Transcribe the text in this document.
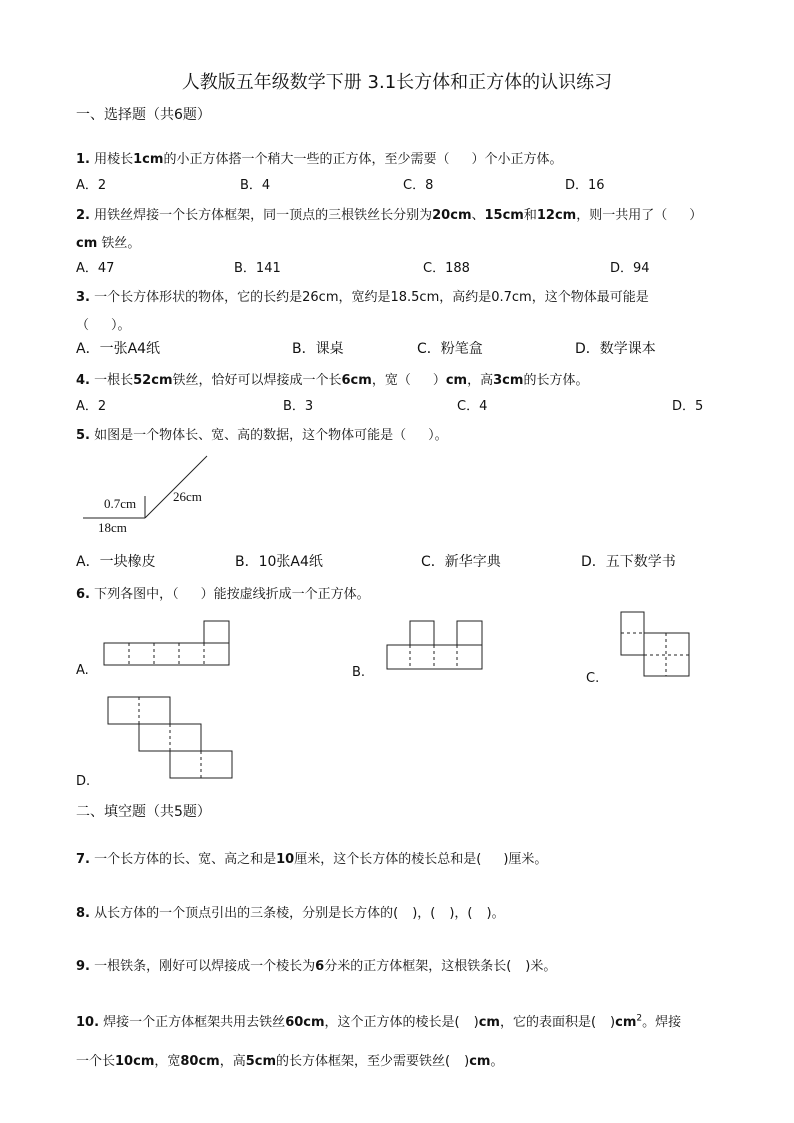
人教版五年级数学下册 3.1长方体和正方体的认识练习
一、选择题（共6题）
1. 用棱长1cm的小正方体搭一个稍大一些的正方体，至少需要（ ）个小正方体。
A．2	B．4	C．8	D．16
2. 用铁丝焊接一个长方体框架，同一顶点的三根铁丝长分别为20cm、15cm和12cm，则一共用了（ ）
cm 铁丝。
A．47	B．141	C．188	D．94
3. 一个长方体形状的物体，它的长约是26cm，宽约是18.5cm，高约是0.7cm，这个物体最可能是
（ ）。
A．一张A4纸	B．课桌	C．粉笔盒	D．数学课本
4. 一根长52cm铁丝，恰好可以焊接成一个长6cm，宽（ ）cm，高3cm的长方体。
A．2	B．3	C．4	D．5
5. 如图是一个物体长、宽、高的数据，这个物体可能是（ ）。
0.7cm	26cm
18cm
A．一块橡皮	B．10张A4纸	C．新华字典	D．五下数学书
6. 下列各图中，（ ）能按虚线折成一个正方体。
A.	B.	C.
D.
二、填空题（共5题）
7. 一个长方体的长、宽、高之和是10厘米，这个长方体的棱长总和是( )厘米。
8. 从长方体的一个顶点引出的三条棱，分别是长方体的( )，( )，( )。
9. 一根铁条，刚好可以焊接成一个棱长为6分米的正方体框架，这根铁条长( )米。
10. 焊接一个正方体框架共用去铁丝60cm，这个正方体的棱长是( )cm，它的表面积是( )$cm^2$。焊接
一个长10cm，宽80cm，高5cm的长方体框架，至少需要铁丝( )cm。
